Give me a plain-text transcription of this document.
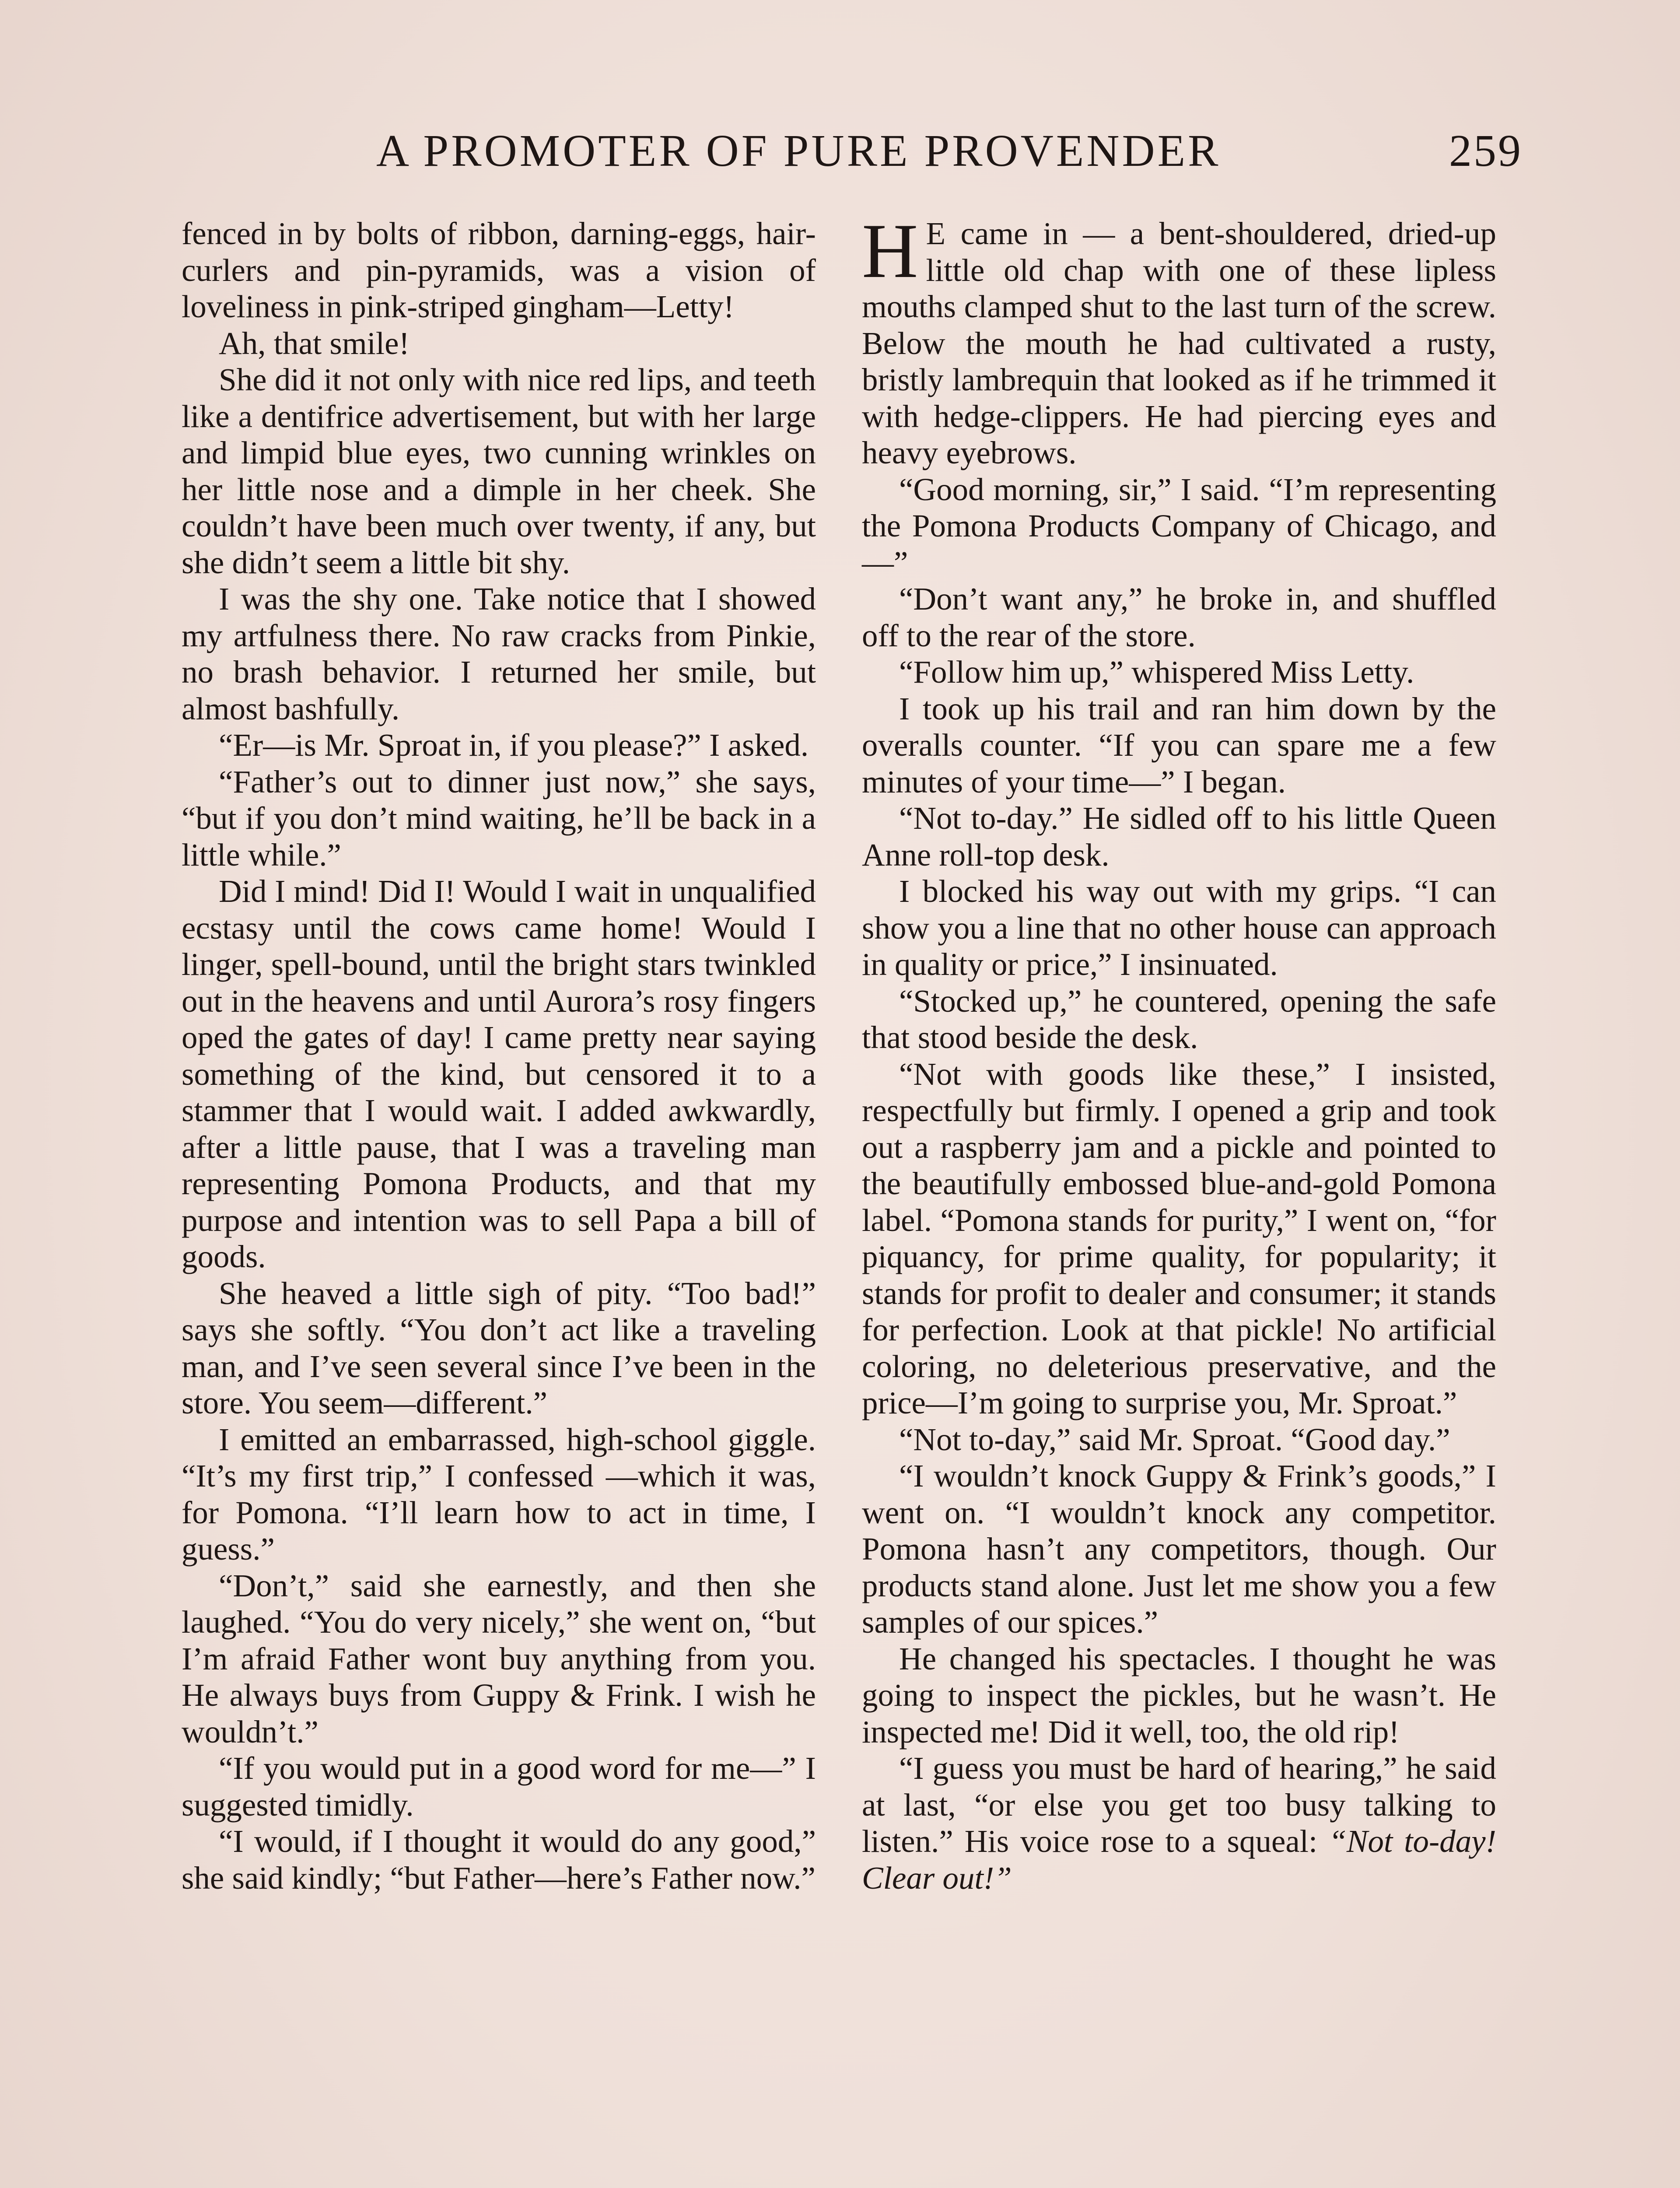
A PROMOTER OF PURE PROVENDER	259

fenced in by bolts of ribbon, darning-eggs, hair-curlers and pin-pyramids, was a vision of loveliness in pink-striped gingham—Letty!

Ah, that smile!

She did it not only with nice red lips, and teeth like a dentifrice advertisement, but with her large and limpid blue eyes, two cunning wrinkles on her little nose and a dimple in her cheek. She couldn’t have been much over twenty, if any, but she didn’t seem a little bit shy.

I was the shy one. Take notice that I showed my artfulness there. No raw cracks from Pinkie, no brash behavior. I returned her smile, but almost bashfully.

“Er—is Mr. Sproat in, if you please?” I asked.

“Father’s out to dinner just now,” she says, “but if you don’t mind waiting, he’ll be back in a little while.”

Did I mind! Did I! Would I wait in unqualified ecstasy until the cows came home! Would I linger, spell-bound, until the bright stars twinkled out in the heavens and until Aurora’s rosy fingers oped the gates of day! I came pretty near saying something of the kind, but censored it to a stammer that I would wait. I added awkwardly, after a little pause, that I was a traveling man representing Pomona Products, and that my purpose and intention was to sell Papa a bill of goods.

She heaved a little sigh of pity. “Too bad!” says she softly. “You don’t act like a traveling man, and I’ve seen several since I’ve been in the store. You seem—different.”

I emitted an embarrassed, high-school giggle. “It’s my first trip,” I confessed —which it was, for Pomona. “I’ll learn how to act in time, I guess.”

“Don’t,” said she earnestly, and then she laughed. “You do very nicely,” she went on, “but I’m afraid Father wont buy anything from you. He always buys from Guppy & Frink. I wish he wouldn’t.”

“If you would put in a good word for me—” I suggested timidly.

“I would, if I thought it would do any good,” she said kindly; “but Father—here’s Father now.”

H E came in — a bent-shouldered, dried-up little old chap with one of these lipless mouths clamped shut to the last turn of the screw. Below the mouth he had cultivated a rusty, bristly lambrequin that looked as if he trimmed it with hedge-clippers. He had piercing eyes and heavy eyebrows.

“Good morning, sir,” I said. “I’m representing the Pomona Products Company of Chicago, and—”

“Don’t want any,” he broke in, and shuffled off to the rear of the store.

“Follow him up,” whispered Miss Letty.

I took up his trail and ran him down by the overalls counter. “If you can spare me a few minutes of your time—” I began.

“Not to-day.” He sidled off to his little Queen Anne roll-top desk.

I blocked his way out with my grips. “I can show you a line that no other house can approach in quality or price,” I insinuated.

“Stocked up,” he countered, opening the safe that stood beside the desk.

“Not with goods like these,” I insisted, respectfully but firmly. I opened a grip and took out a raspberry jam and a pickle and pointed to the beautifully embossed blue-and-gold Pomona label. “Pomona stands for purity,” I went on, “for piquancy, for prime quality, for popularity; it stands for profit to dealer and consumer; it stands for perfection. Look at that pickle! No artificial coloring, no deleterious preservative, and the price—I’m going to surprise you, Mr. Sproat.”

“Not to-day,” said Mr. Sproat. “Good day.”

“I wouldn’t knock Guppy & Frink’s goods,” I went on. “I wouldn’t knock any competitor. Pomona hasn’t any competitors, though. Our products stand alone. Just let me show you a few samples of our spices.”

He changed his spectacles. I thought he was going to inspect the pickles, but he wasn’t. He inspected me! Did it well, too, the old rip!

“I guess you must be hard of hearing,” he said at last, “or else you get too busy talking to listen.” His voice rose to a squeal: “Not to-day! Clear out!”
